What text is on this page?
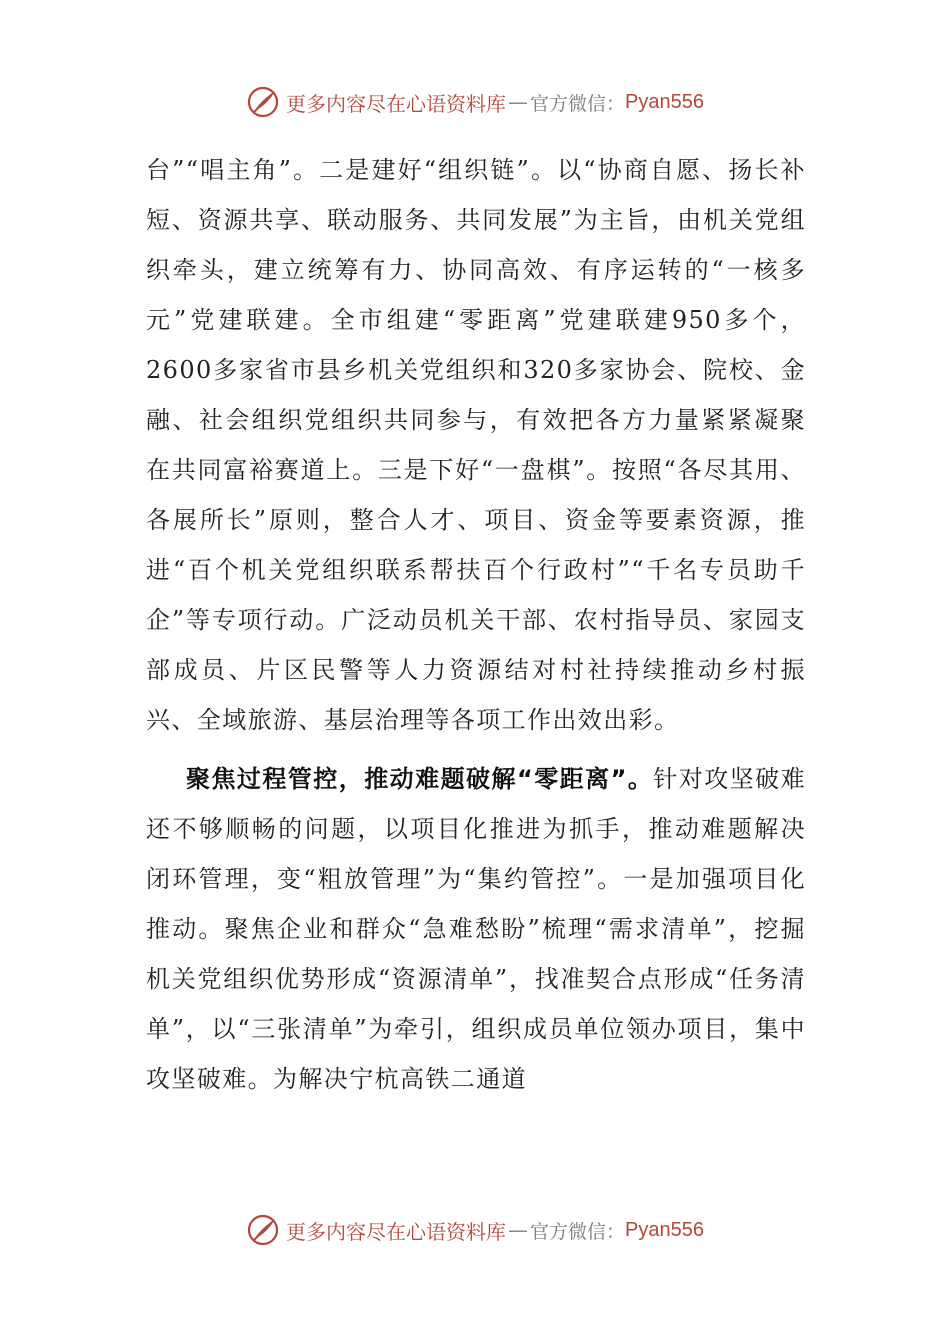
更多内容尽在心语资料库 — 官方微信： Pyan556

台”“唱主角”。二是建好“组织链”。以“协商自愿、扬长补短、资源共享、联动服务、共同发展”为主旨，由机关党组织牵头，建立统筹有力、协同高效、有序运转的“一核多元”党建联建。全市组建“零距离”党建联建950多个，2600多家省市县乡机关党组织和320多家协会、院校、金融、社会组织党组织共同参与，有效把各方力量紧紧凝聚在共同富裕赛道上。三是下好“一盘棋”。按照“各尽其用、各展所长”原则，整合人才、项目、资金等要素资源，推进“百个机关党组织联系帮扶百个行政村”“千名专员助千企”等专项行动。广泛动员机关干部、农村指导员、家园支部成员、片区民警等人力资源结对村社持续推动乡村振兴、全域旅游、基层治理等各项工作出效出彩。

聚焦过程管控，推动难题破解“零距离”。针对攻坚破难还不够顺畅的问题，以项目化推进为抓手，推动难题解决闭环管理，变“粗放管理”为“集约管控”。一是加强项目化推动。聚焦企业和群众“急难愁盼”梳理“需求清单”，挖掘机关党组织优势形成“资源清单”，找准契合点形成“任务清单”，以“三张清单”为牵引，组织成员单位领办项目，集中攻坚破难。为解决宁杭高铁二通道

更多内容尽在心语资料库 — 官方微信： Pyan556
